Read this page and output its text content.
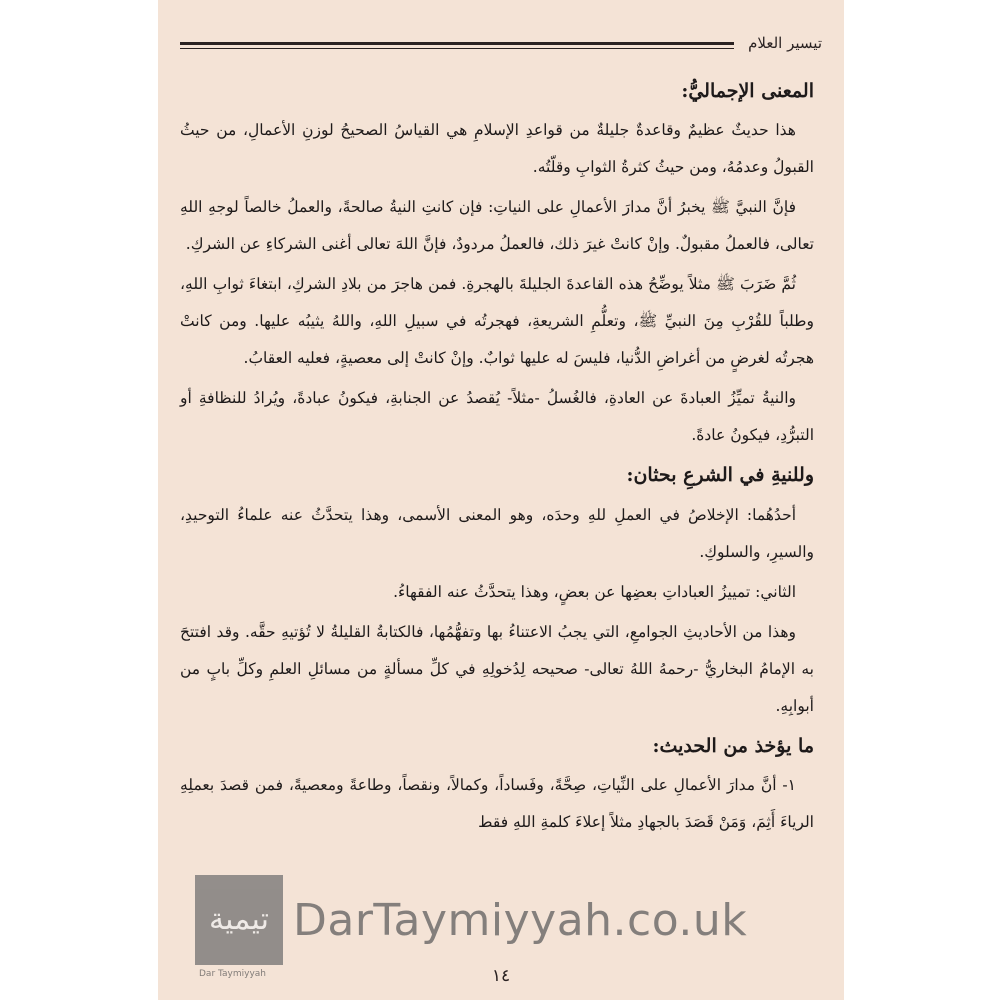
تيسير العلام
المعنى الإجماليُّ:

هذا حديثٌ عظيمٌ وقاعدةٌ جليلةٌ من قواعدِ الإسلامِ هي القياسُ الصحيحُ لوزنِ الأعمالِ، من حيثُ القبولُ وعدمُهُ، ومن حيثُ كثرةُ الثوابِ وقلّتُه.

فإنَّ النبيَّ ﷺ يخبرُ أنَّ مدارَ الأعمالِ على النياتِ: فإن كانتِ النيةُ صالحةً، والعملُ خالصاً لوجهِ اللهِ تعالى، فالعملُ مقبولٌ. وإنْ كانتْ غيرَ ذلك، فالعملُ مردودٌ، فإنَّ اللهَ تعالى أغنى الشركاءِ عن الشركِ.

ثُمَّ ضَرَبَ ﷺ مثلاً يوضِّحُ هذه القاعدةَ الجليلةَ بالهجرةِ. فمن هاجرَ من بلادِ الشركِ، ابتغاءَ ثوابِ اللهِ، وطلباً للقُرْبِ مِنَ النبيِّ ﷺ، وتعلُّمِ الشريعةِ، فهجرتُه في سبيلِ اللهِ، واللهُ يثيبُه عليها. ومن كانتْ هجرتُه لغرضٍ من أغراضِ الدُّنيا، فليسَ له عليها ثوابٌ. وإنْ كانتْ إلى معصيةٍ، فعليه العقابُ.

والنيةُ تميِّزُ العبادةَ عن العادةِ، فالغُسلُ -مثلاً- يُقصدُ عن الجنابةِ، فيكونُ عبادةً، ويُرادُ للنظافةِ أو التبرُّدِ، فيكونُ عادةً.

وللنيةِ في الشرعِ بحثان:

أحدُهُما: الإخلاصُ في العملِ للهِ وحدَه، وهو المعنى الأسمى، وهذا يتحدَّثُ عنه علماءُ التوحيدِ، والسيرِ، والسلوكِ.

الثاني: تمييزُ العباداتِ بعضِها عن بعضٍ، وهذا يتحدَّثُ عنه الفقهاءُ.

وهذا من الأحاديثِ الجوامعِ، التي يجبُ الاعتناءُ بها وتفهُّمُها، فالكتابةُ القليلةُ لا تُؤتيهِ حقَّه. وقد افتتحَ به الإمامُ البخاريُّ -رحمهُ اللهُ تعالى- صحيحه لِدُخولِهِ في كلِّ مسألةٍ من مسائلِ العلمِ وكلِّ بابٍ من أبوابِهِ.

ما يؤخذ من الحديث:

١- أنَّ مدارَ الأعمالِ على النِّياتِ، صِحَّةً، وفَساداً، وكمالاً، ونقصاً، وطاعةً ومعصيةً، فمن قصدَ بعملِهِ الرياءَ أَثِمَ، وَمَنْ قَصَدَ بالجهادِ مثلاً إعلاءَ كلمةِ اللهِ فقط

١٤
تيمية
Dar Taymiyyah
DarTaymiyyah.co.uk
